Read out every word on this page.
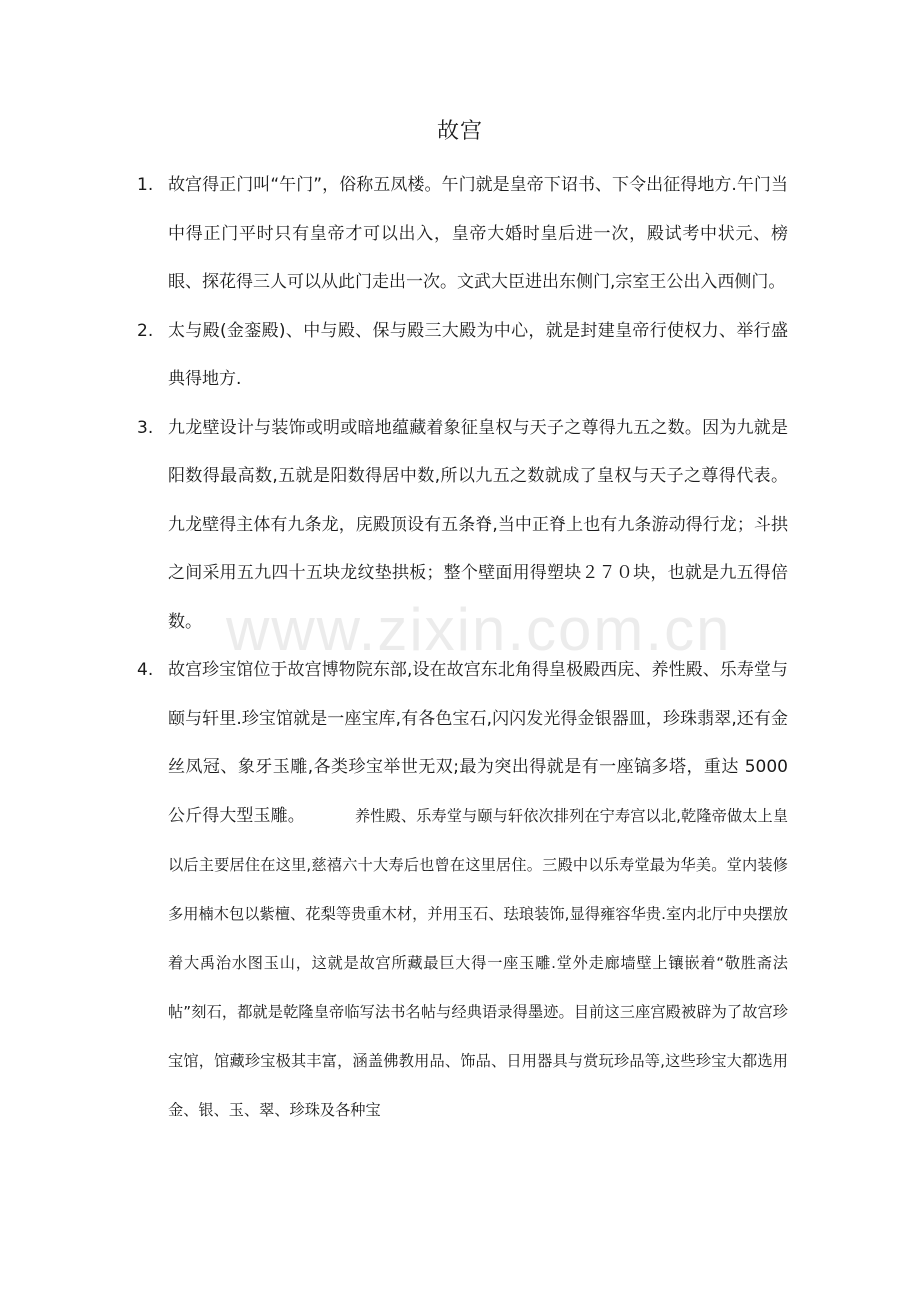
故宫
1. 故宫得正门叫“午门”，俗称五凤楼。午门就是皇帝下诏书、下令出征得地方.午门当中得正门平时只有皇帝才可以出入，皇帝大婚时皇后进一次，殿试考中状元、榜眼、探花得三人可以从此门走出一次。文武大臣进出东侧门,宗室王公出入西侧门。

2. 太与殿(金銮殿)、中与殿、保与殿三大殿为中心，就是封建皇帝行使权力、举行盛典得地方.

3. 九龙壁设计与装饰或明或暗地蕴藏着象征皇权与天子之尊得九五之数。因为九就是阳数得最高数,五就是阳数得居中数,所以九五之数就成了皇权与天子之尊得代表。九龙壁得主体有九条龙，庑殿顶设有五条脊,当中正脊上也有九条游动得行龙；斗拱之间采用五九四十五块龙纹垫拱板；整个壁面用得塑块２７０块，也就是九五得倍数。

4. 故宫珍宝馆位于故宫博物院东部,设在故宫东北角得皇极殿西庑、养性殿、乐寿堂与颐与轩里.珍宝馆就是一座宝库,有各色宝石,闪闪发光得金银器皿，珍珠翡翠,还有金丝凤冠、象牙玉雕,各类珍宝举世无双;最为突出得就是有一座镐多塔，重达 5000 公斤得大型玉雕。	养性殿、乐寿堂与颐与轩依次排列在宁寿宫以北,乾隆帝做太上皇以后主要居住在这里,慈禧六十大寿后也曾在这里居住。三殿中以乐寿堂最为华美。堂内装修多用楠木包以紫檀、花梨等贵重木材，并用玉石、珐琅装饰,显得雍容华贵.室内北厅中央摆放着大禹治水图玉山，这就是故宫所藏最巨大得一座玉雕.堂外走廊墙壁上镶嵌着“敬胜斋法帖”刻石，都就是乾隆皇帝临写法书名帖与经典语录得墨迹。目前这三座宫殿被辟为了故宫珍宝馆，馆藏珍宝极其丰富，涵盖佛教用品、饰品、日用器具与赏玩珍品等,这些珍宝大都选用金、银、玉、翠、珍珠及各种宝

www.zixin.com.cn
